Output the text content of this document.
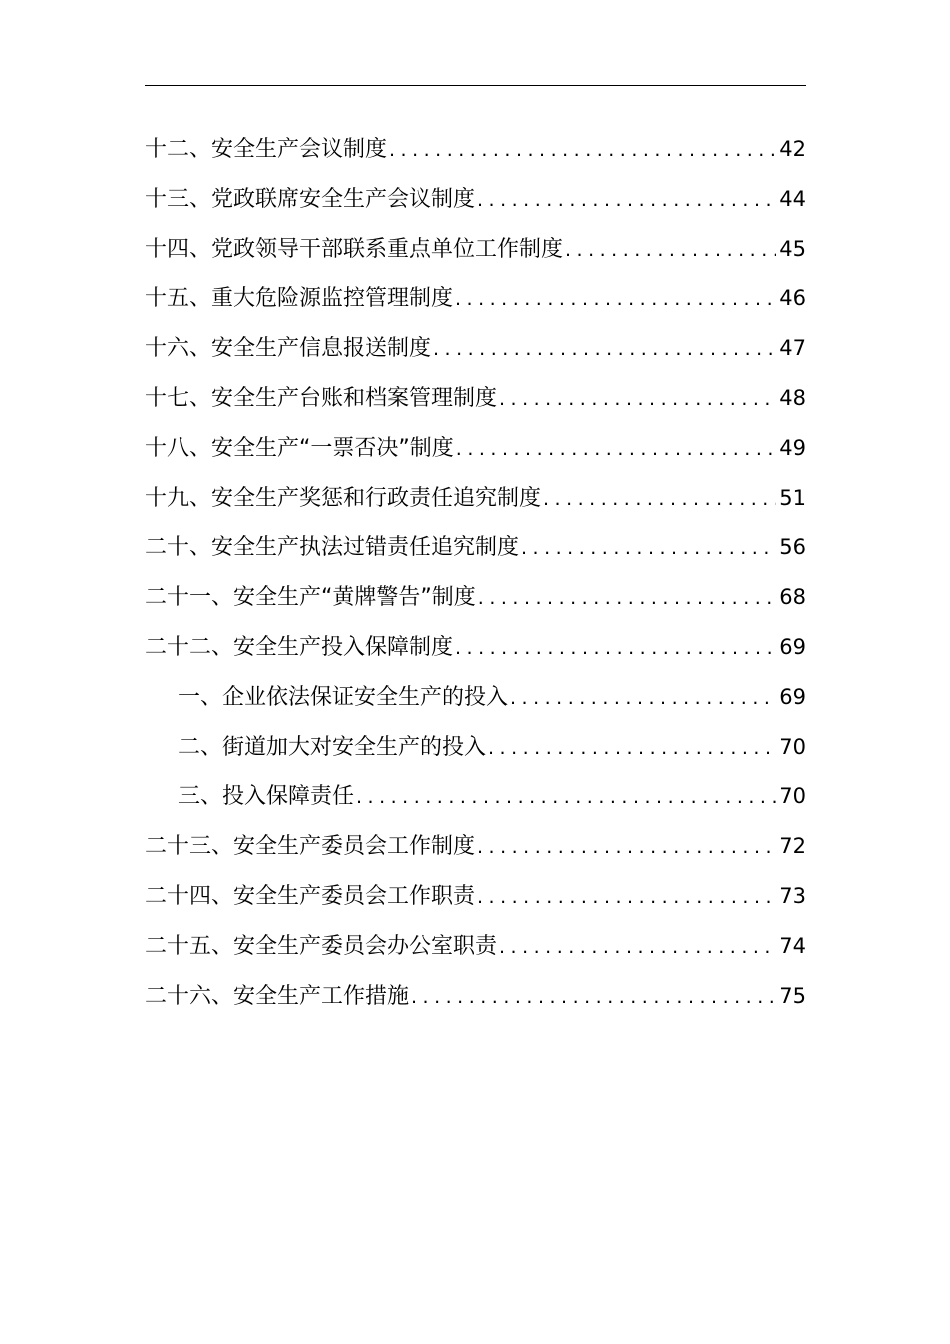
十二、安全生产会议制度 .....	42
十三、党政联席安全生产会议制度 .....	44
十四、党政领导干部联系重点单位工作制度 .....	45
十五、重大危险源监控管理制度 .....	46
十六、安全生产信息报送制度 .....	47
十七、安全生产台账和档案管理制度 .....	48
十八、安全生产“一票否决”制度 .....	49
十九、安全生产奖惩和行政责任追究制度 .....	51
二十、安全生产执法过错责任追究制度 .....	56
二十一、安全生产“黄牌警告”制度 .....	68
二十二、安全生产投入保障制度 .....	69
一、企业依法保证安全生产的投入 .....	69
二、街道加大对安全生产的投入 .....	70
三、投入保障责任 .....	70
二十三、安全生产委员会工作制度 .....	72
二十四、安全生产委员会工作职责 .....	73
二十五、安全生产委员会办公室职责 .....	74
二十六、安全生产工作措施 .....	75
